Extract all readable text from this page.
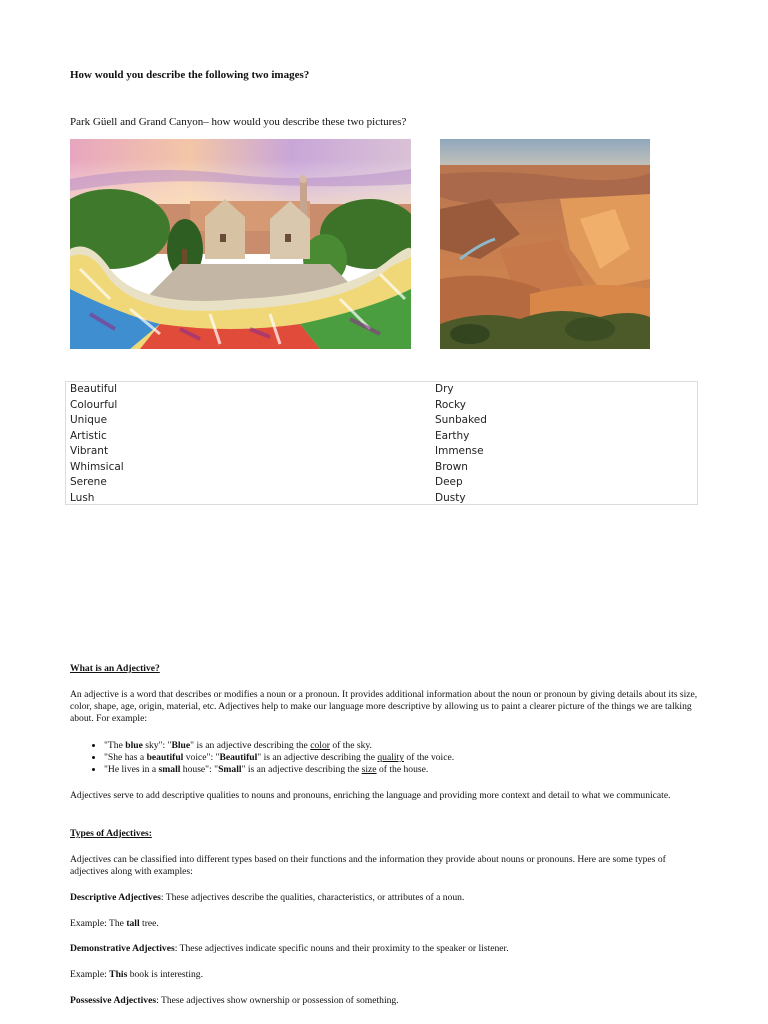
How would you describe the following two images?
Park Güell and Grand Canyon– how would you describe these two pictures?
Beautiful
Colourful
Unique
Artistic
Vibrant
Whimsical
Serene
Lush
Dry
Rocky
Sunbaked
Earthy
Immense
Brown
Deep
Dusty
What is an Adjective?
An adjective is a word that describes or modifies a noun or a pronoun. It provides additional information about the noun or pronoun by giving details about its size, color, shape, age, origin, material, etc. Adjectives help to make our language more descriptive by allowing us to paint a clearer picture of the things we are talking about. For example:
• "The blue sky": "Blue" is an adjective describing the color of the sky.
• "She has a beautiful voice": "Beautiful" is an adjective describing the quality of the voice.
• "He lives in a small house": "Small" is an adjective describing the size of the house.
Adjectives serve to add descriptive qualities to nouns and pronouns, enriching the language and providing more context and detail to what we communicate.
Types of Adjectives:
Adjectives can be classified into different types based on their functions and the information they provide about nouns or pronouns. Here are some types of adjectives along with examples:
Descriptive Adjectives: These adjectives describe the qualities, characteristics, or attributes of a noun.
Example: The tall tree.
Demonstrative Adjectives: These adjectives indicate specific nouns and their proximity to the speaker or listener.
Example: This book is interesting.
Possessive Adjectives: These adjectives show ownership or possession of something.
